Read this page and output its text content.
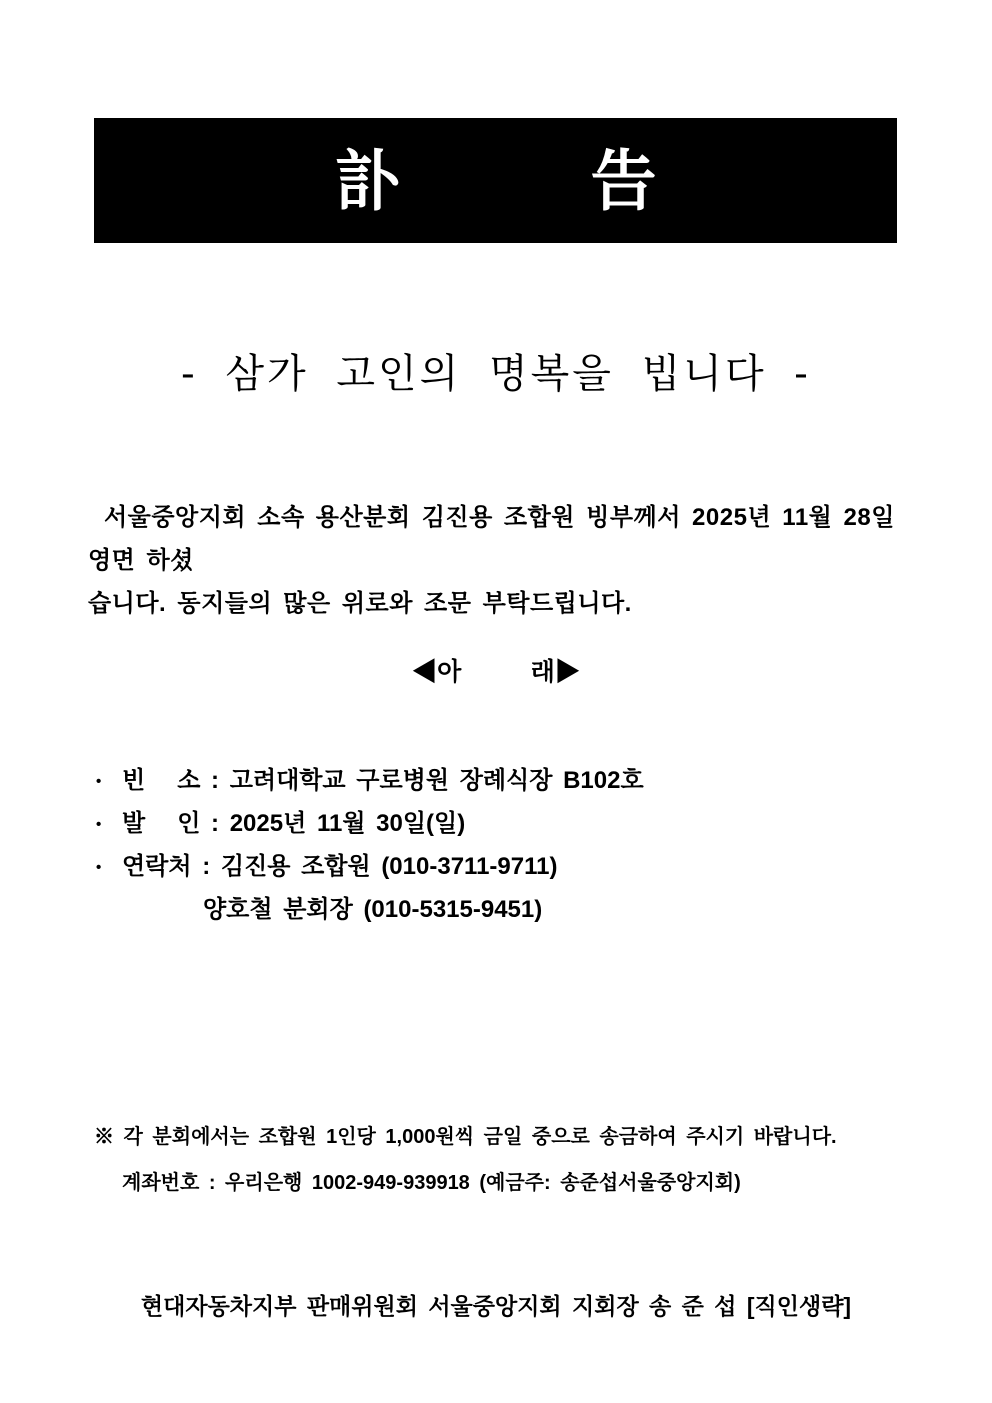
訃	告
- 삼가 고인의 명복을 빕니다 -
서울중앙지회 소속 용산분회 김진용 조합원 빙부께서 2025년 11월 28일 영면 하셨
습니다. 동지들의 많은 위로와 조문 부탁드립니다.
◀아          래▶
• 빈   소 : 고려대학교 구로병원 장례식장 B102호
• 발   인 : 2025년 11월 30일(일)
• 연락처 : 김진용 조합원 (010-3711-9711)
양호철 분회장 (010-5315-9451)
※ 각 분회에서는 조합원 1인당 1,000원씩 금일 중으로 송금하여 주시기 바랍니다.
계좌번호 : 우리은행 1002-949-939918 (예금주: 송준섭서울중앙지회)
현대자동차지부 판매위원회 서울중앙지회 지회장 송 준 섭 [직인생략]
